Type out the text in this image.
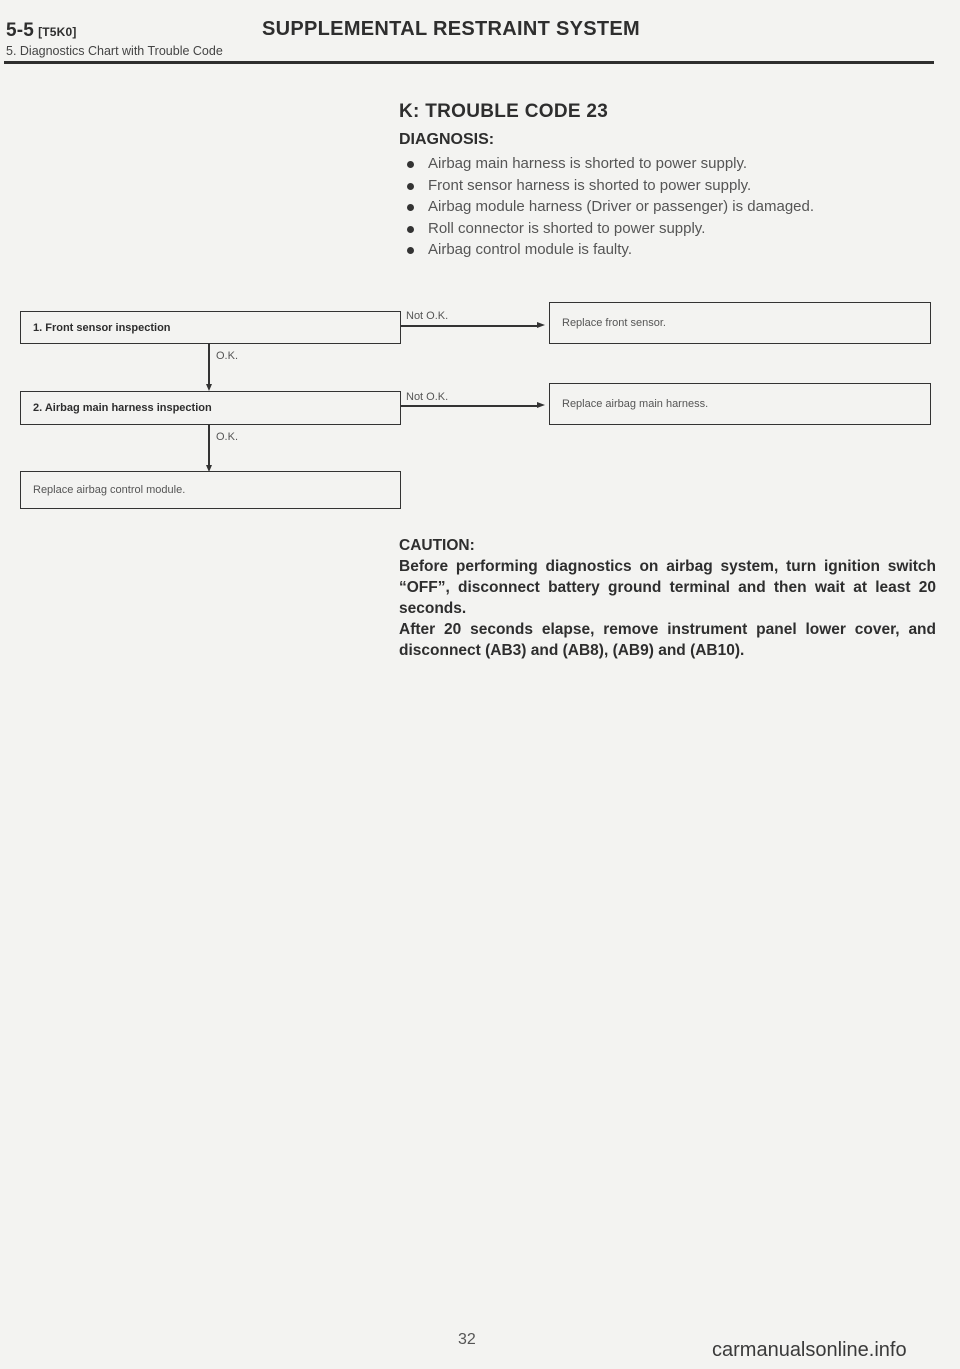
5-5 [T5K0]	SUPPLEMENTAL RESTRAINT SYSTEM
5. Diagnostics Chart with Trouble Code
K: TROUBLE CODE 23
DIAGNOSIS:
Airbag main harness is shorted to power supply.
Front sensor harness is shorted to power supply.
Airbag module harness (Driver or passenger) is damaged.
Roll connector is shorted to power supply.
Airbag control module is faulty.
1. Front sensor inspection
Not O.K.
Replace front sensor.
O.K.
2. Airbag main harness inspection
Not O.K.
Replace airbag main harness.
O.K.
Replace airbag control module.

CAUTION:

Before performing diagnostics on airbag system, turn ignition switch “OFF”, disconnect battery ground terminal and then wait at least 20 seconds.

After 20 seconds elapse, remove instrument panel lower cover, and disconnect (AB3) and (AB8), (AB9) and (AB10).

32	carmanualsonline.info
